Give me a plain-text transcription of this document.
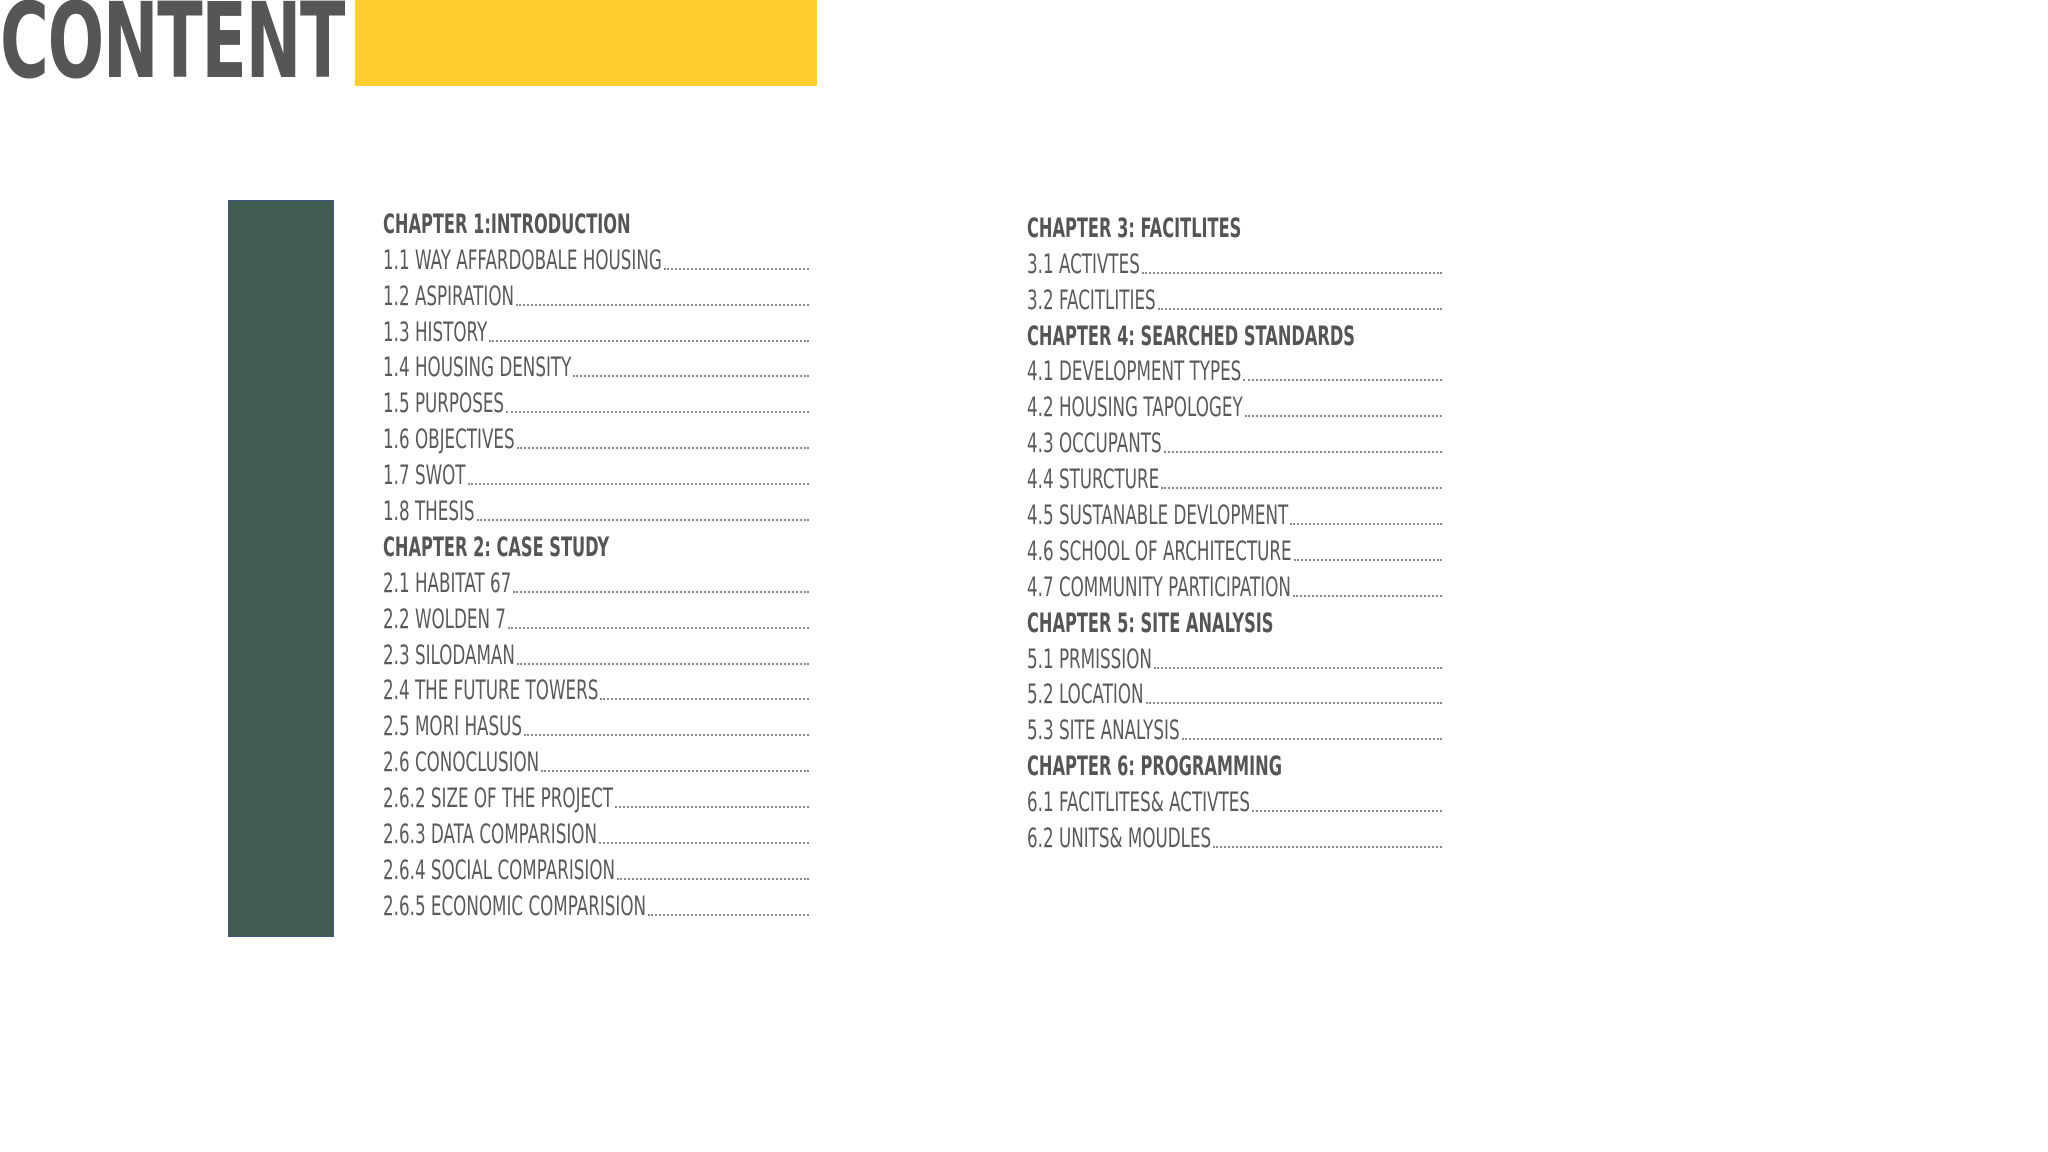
CONTENT
CHAPTER 1:INTRODUCTION
1.1 WAY AFFARDOBALE HOUSING
1.2 ASPIRATION
1.3 HISTORY
1.4 HOUSING DENSITY
1.5 PURPOSES
1.6 OBJECTIVES
1.7 SWOT
1.8 THESIS
CHAPTER 2: CASE STUDY
2.1 HABITAT 67
2.2 WOLDEN 7
2.3 SILODAMAN
2.4 THE FUTURE TOWERS
2.5 MORI HASUS
2.6 CONOCLUSION
2.6.2 SIZE OF THE PROJECT
2.6.3 DATA COMPARISION
2.6.4 SOCIAL COMPARISION
2.6.5 ECONOMIC COMPARISION
CHAPTER 3: FACITLITES
3.1 ACTIVTES
3.2 FACITLITIES
CHAPTER 4: SEARCHED STANDARDS
4.1 DEVELOPMENT TYPES
4.2 HOUSING TAPOLOGEY
4.3 OCCUPANTS
4.4 STURCTURE
4.5 SUSTANABLE DEVLOPMENT
4.6 SCHOOL OF ARCHITECTURE
4.7 COMMUNITY PARTICIPATION
CHAPTER 5: SITE ANALYSIS
5.1 PRMISSION
5.2 LOCATION
5.3 SITE ANALYSIS
CHAPTER 6: PROGRAMMING
6.1 FACITLITES& ACTIVTES
6.2 UNITS& MOUDLES
